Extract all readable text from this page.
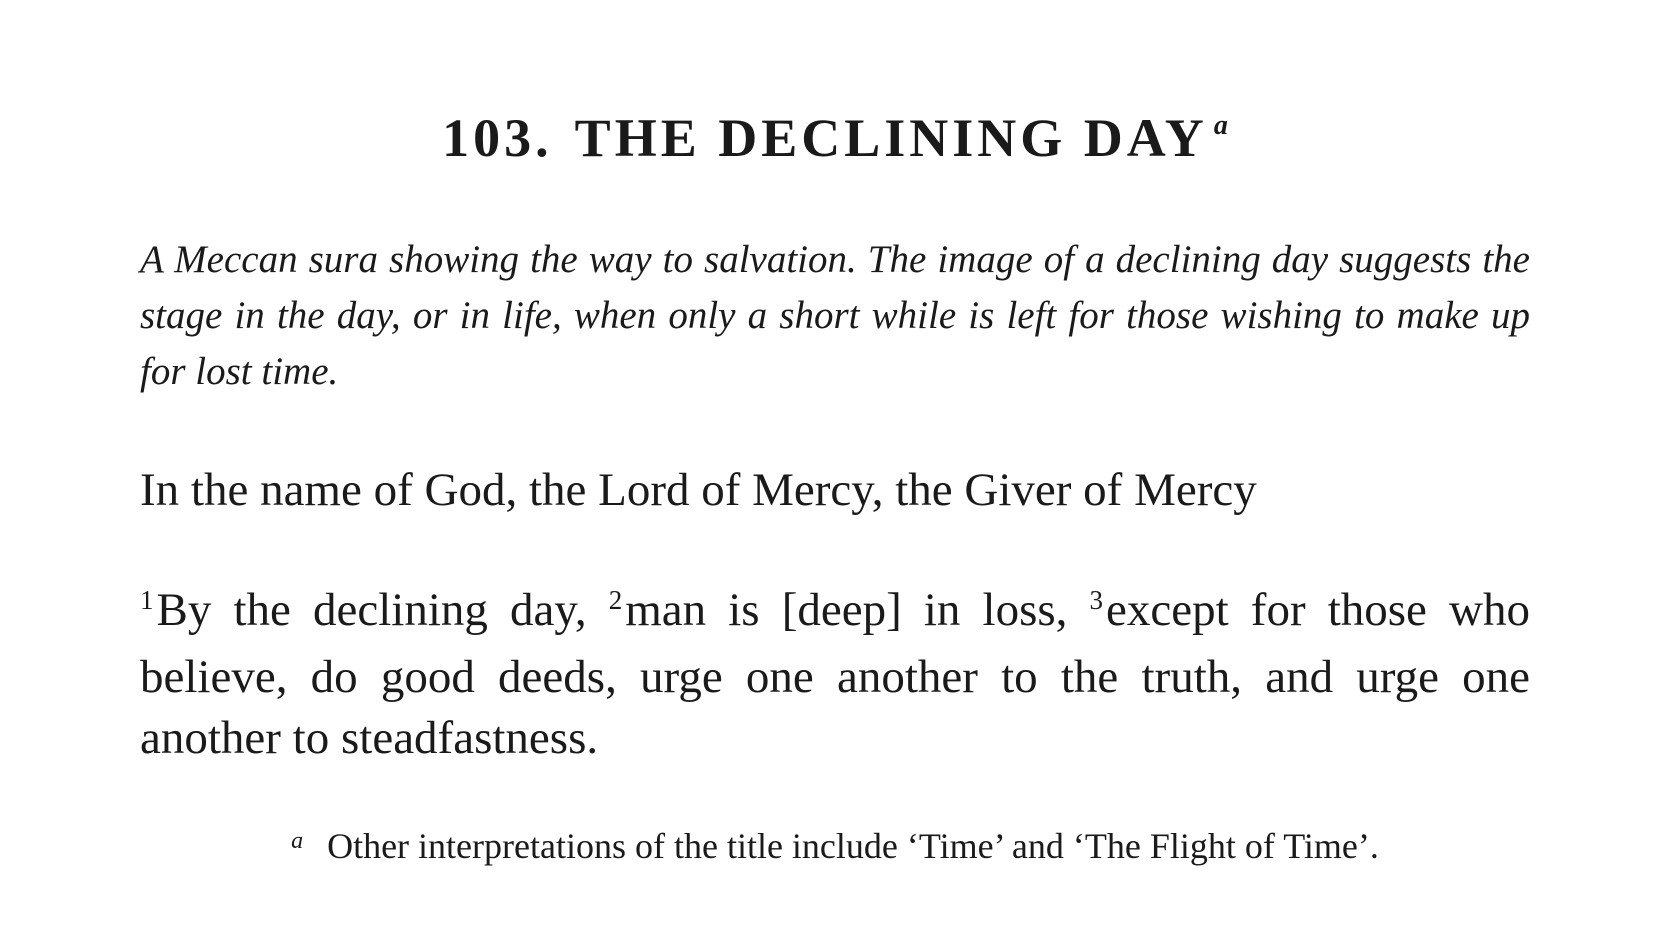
103. THE DECLINING DAY $^a$

A Meccan sura showing the way to salvation. The image of a declining day suggests the stage in the day, or in life, when only a short while is left for those wishing to make up for lost time.

In the name of God, the Lord of Mercy, the Giver of Mercy

$^1$By the declining day, $^2$man is [deep] in loss, $^3$except for those who believe, do good deeds, urge one another to the truth, and urge one another to steadfastness.

$^a$ Other interpretations of the title include ‘Time’ and ‘The Flight of Time’.
